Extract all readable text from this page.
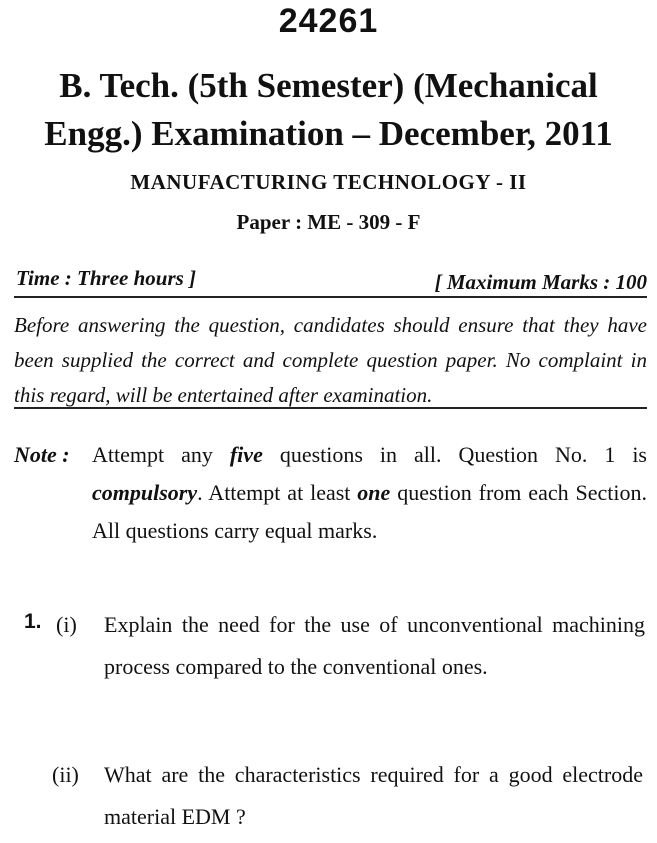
24261
B. Tech. (5th Semester) (Mechanical
Engg.) Examination – December, 2011
MANUFACTURING TECHNOLOGY - II
Paper : ME - 309 - F
Time : Three hours ]	[ Maximum Marks : 100
Before answering the question, candidates should ensure that they have been supplied the correct and complete question paper. No complaint in this regard, will be entertained after examination.
Note : Attempt any five questions in all. Question No. 1 is compulsory. Attempt at least one question from each Section. All questions carry equal marks.
1. (i) Explain the need for the use of unconventional machining process compared to the conventional ones.
(ii) What are the characteristics required for a good electrode material EDM ?
